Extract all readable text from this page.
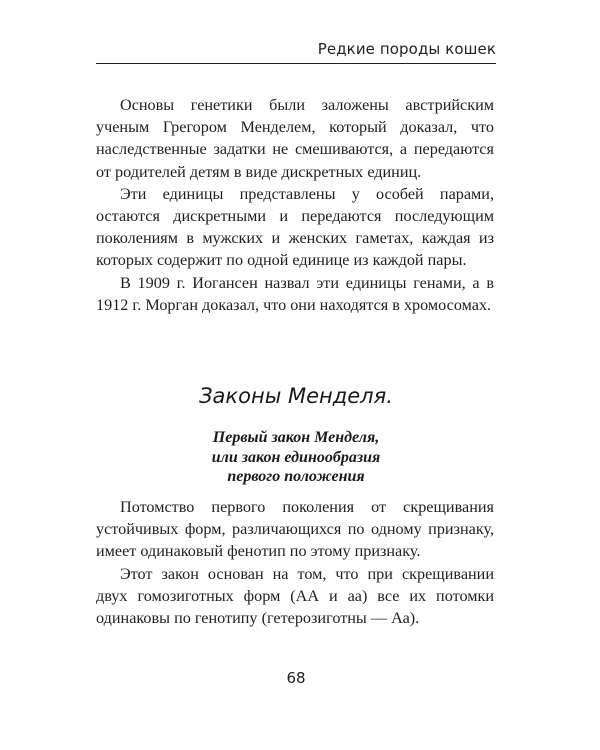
Редкие породы кошек

Основы генетики были заложены австрийским ученым Грегором Менделем, который доказал, что наследственные задатки не смешиваются, а передаются от родителей детям в виде дискретных единиц.

Эти единицы представлены у особей парами, остаются дискретными и передаются последующим поколениям в мужских и женских гаметах, каждая из которых содержит по одной единице из каждой пары.

В 1909 г. Иогансен назвал эти единицы генами, а в 1912 г. Морган доказал, что они находятся в хромосомах.

Законы Менделя.
Первый закон Менделя,
или закон единообразия
первого положения

Потомство первого поколения от скрещивания устойчивых форм, различающихся по одному признаку, имеет одинаковый фенотип по этому признаку.

Этот закон основан на том, что при скрещивании двух гомозиготных форм (АА и аа) все их потомки одинаковы по генотипу (гетерозиготны — Аа).

68
